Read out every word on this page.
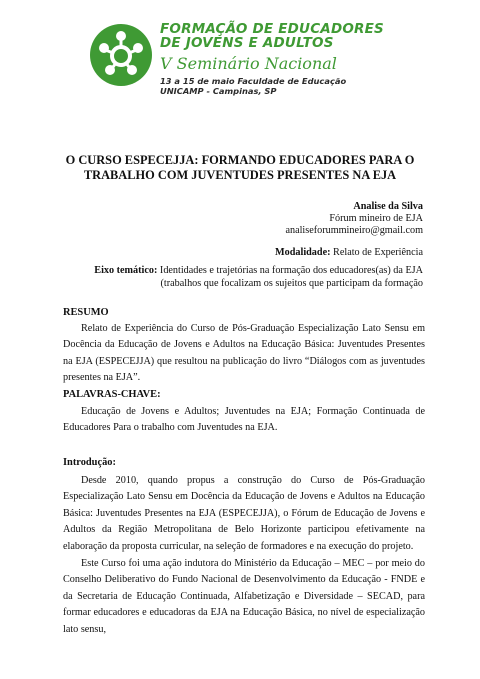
FORMAÇÃO DE EDUCADORES
DE JOVENS E ADULTOS
V Seminário Nacional
13 a 15 de maio Faculdade de Educação
UNICAMP - Campinas, SP
O CURSO ESPECEJJA: FORMANDO EDUCADORES PARA O TRABALHO COM JUVENTUDES PRESENTES NA EJA
Analise da Silva
Fórum mineiro de EJA
analiseforummineiro@gmail.com
Modalidade: Relato de Experiência
Eixo temático: Identidades e trajetórias na formação dos educadores(as) da EJA (trabalhos que focalizam os sujeitos que participam da formação
RESUMO

Relato de Experiência do Curso de Pós-Graduação Especialização Lato Sensu em Docência da Educação de Jovens e Adultos na Educação Básica: Juventudes Presentes na EJA (ESPECEJJA) que resultou na publicação do livro “Diálogos com as juventudes presentes na EJA”.

PALAVRAS-CHAVE:

Educação de Jovens e Adultos; Juventudes na EJA; Formação Continuada de Educadores Para o trabalho com Juventudes na EJA.

Introdução:

Desde 2010, quando propus a construção do Curso de Pós-Graduação Especialização Lato Sensu em Docência da Educação de Jovens e Adultos na Educação Básica: Juventudes Presentes na EJA (ESPECEJJA), o Fórum de Educação de Jovens e Adultos da Região Metropolitana de Belo Horizonte participou efetivamente na elaboração da proposta curricular, na seleção de formadores e na execução do projeto.

Este Curso foi uma ação indutora do Ministério da Educação – MEC – por meio do Conselho Deliberativo do Fundo Nacional de Desenvolvimento da Educação - FNDE e da Secretaria de Educação Continuada, Alfabetização e Diversidade – SECAD, para formar educadores e educadoras da EJA na Educação Básica, no nível de especialização lato sensu,
